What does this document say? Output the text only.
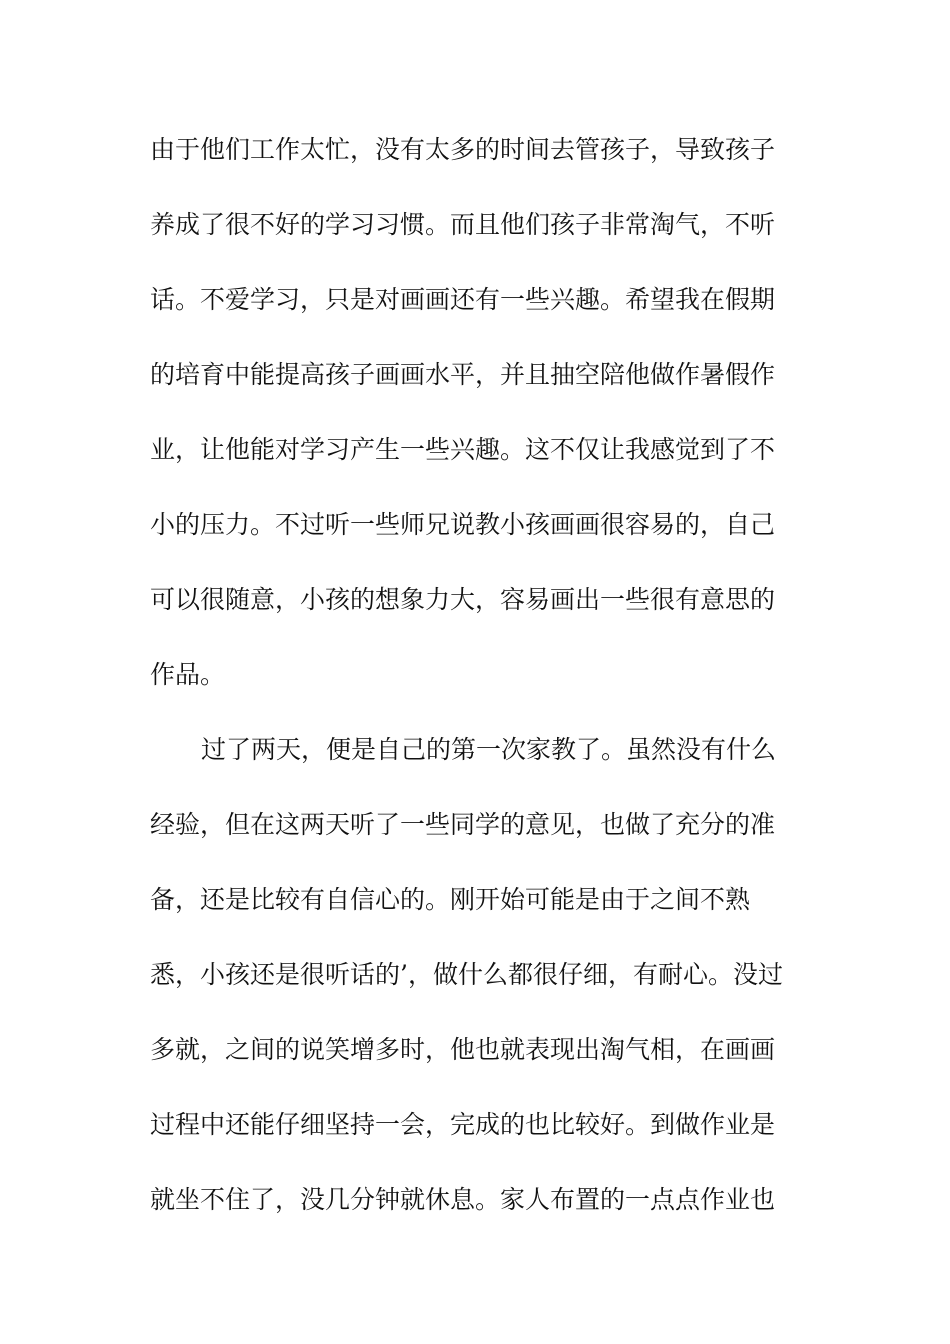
由于他们工作太忙，没有太多的时间去管孩子，导致孩子
养成了很不好的学习习惯。而且他们孩子非常淘气，不听
话。不爱学习，只是对画画还有一些兴趣。希望我在假期
的培育中能提高孩子画画水平，并且抽空陪他做作暑假作
业，让他能对学习产生一些兴趣。这不仅让我感觉到了不
小的压力。不过听一些师兄说教小孩画画很容易的，自己
可以很随意，小孩的想象力大，容易画出一些很有意思的
作品。
过了两天，便是自己的第一次家教了。虽然没有什么
经验，但在这两天听了一些同学的意见，也做了充分的准
备，还是比较有自信心的。刚开始可能是由于之间不熟
悉，小孩还是很听话的’，做什么都很仔细，有耐心。没过
多就，之间的说笑增多时，他也就表现出淘气相，在画画
过程中还能仔细坚持一会，完成的也比较好。到做作业是
就坐不住了，没几分钟就休息。家人布置的一点点作业也
